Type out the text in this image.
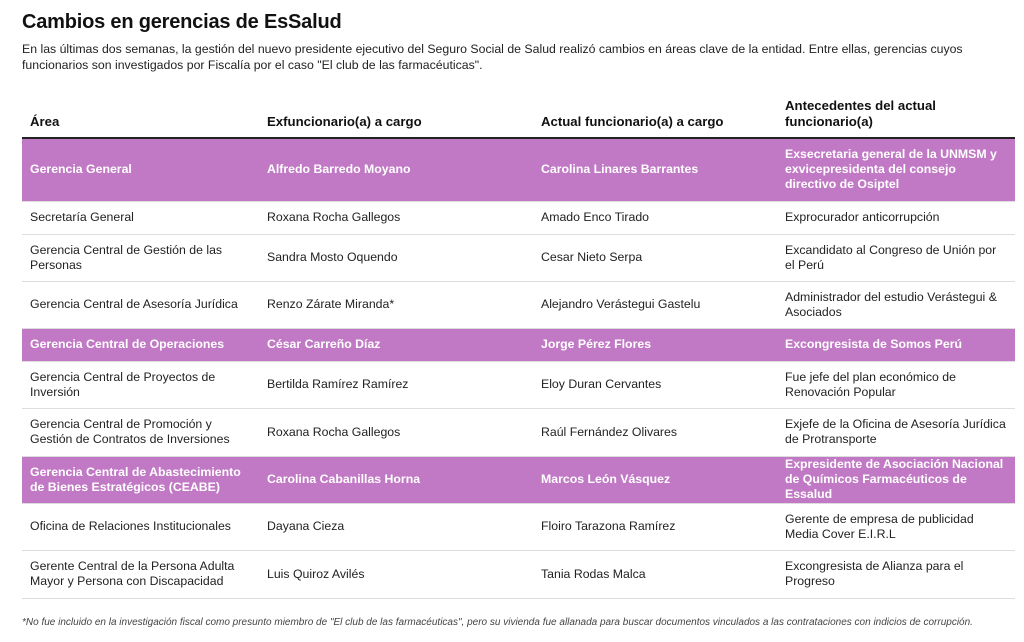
Cambios en gerencias de EsSalud

En las últimas dos semanas, la gestión del nuevo presidente ejecutivo del Seguro Social de Salud realizó cambios en áreas clave de la entidad. Entre ellas, gerencias cuyos funcionarios son investigados por Fiscalía por el caso "El club de las farmacéuticas".

Área	Exfuncionario(a) a cargo	Actual funcionario(a) a cargo	Antecedentes del actual funcionario(a)
Gerencia General	Alfredo Barredo Moyano	Carolina Linares Barrantes	Exsecretaria general de la UNMSM y exvicepresidenta del consejo directivo de Osiptel
Secretaría General	Roxana Rocha Gallegos	Amado Enco Tirado	Exprocurador anticorrupción
Gerencia Central de Gestión de las Personas	Sandra Mosto Oquendo	Cesar Nieto Serpa	Excandidato al Congreso de Unión por el Perú
Gerencia Central de Asesoría Jurídica	Renzo Zárate Miranda*	Alejandro Verástegui Gastelu	Administrador del estudio Verástegui & Asociados
Gerencia Central de Operaciones	César Carreño Díaz	Jorge Pérez Flores	Excongresista de Somos Perú
Gerencia Central de Proyectos de Inversión	Bertilda Ramírez Ramírez	Eloy Duran Cervantes	Fue jefe del plan económico de Renovación Popular
Gerencia Central de Promoción y Gestión de Contratos de Inversiones	Roxana Rocha Gallegos	Raúl Fernández Olivares	Exjefe de la Oficina de Asesoría Jurídica de Protransporte
Gerencia Central de Abastecimiento de Bienes Estratégicos (CEABE)	Carolina Cabanillas Horna	Marcos León Vásquez	Expresidente de Asociación Nacional de Químicos Farmacéuticos de Essalud
Oficina de Relaciones Institucionales	Dayana Cieza	Floiro Tarazona Ramírez	Gerente de empresa de publicidad Media Cover E.I.R.L
Gerente Central de la Persona Adulta Mayor y Persona con Discapacidad	Luis Quiroz Avilés	Tania Rodas Malca	Excongresista de Alianza para el Progreso

*No fue incluido en la investigación fiscal como presunto miembro de "El club de las farmacéuticas", pero su vivienda fue allanada para buscar documentos vinculados a las contrataciones con indicios de corrupción.
